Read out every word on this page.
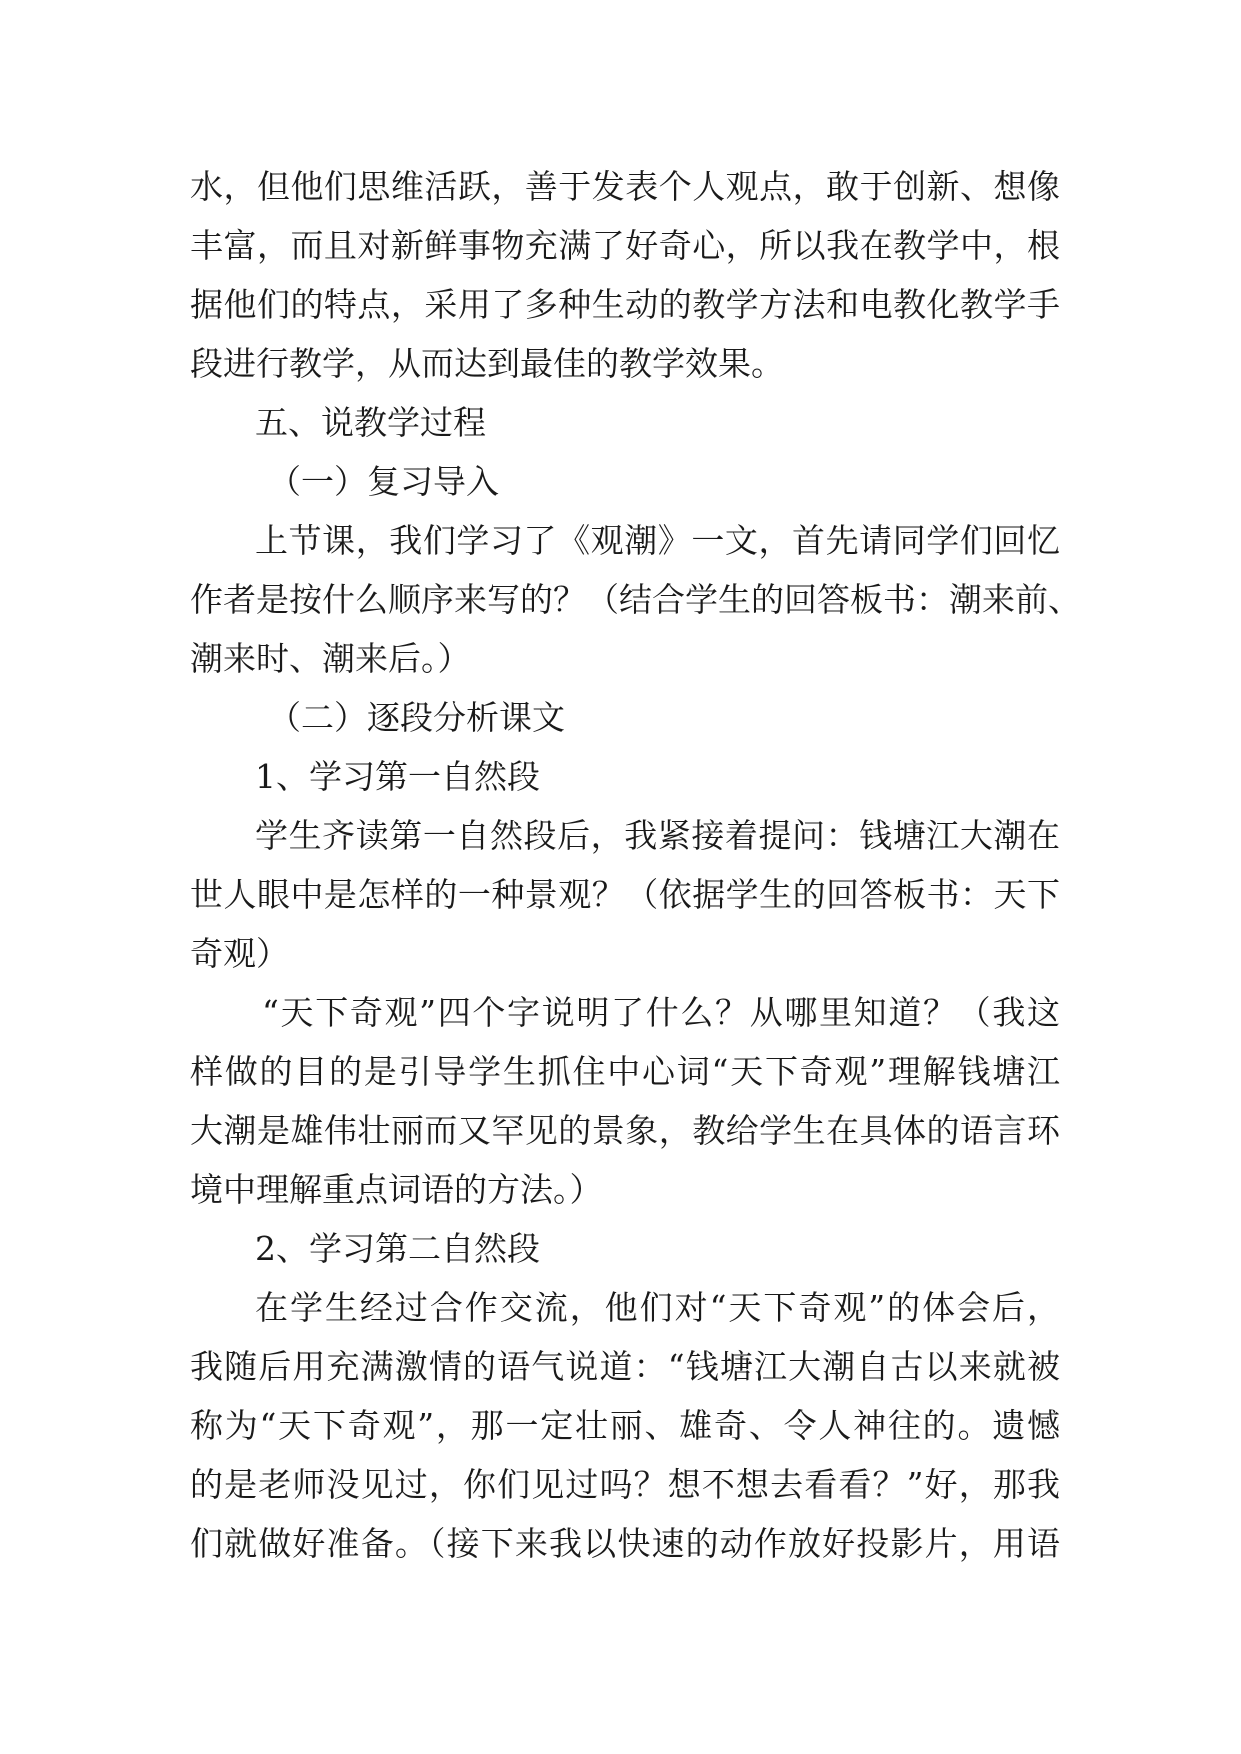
水，但他们思维活跃，善于发表个人观点，敢于创新、想像
丰富，而且对新鲜事物充满了好奇心，所以我在教学中，根
据他们的特点，采用了多种生动的教学方法和电教化教学手
段进行教学，从而达到最佳的教学效果。
五、说教学过程
（一）复习导入
上节课，我们学习了《观潮》一文，首先请同学们回忆
作者是按什么顺序来写的？（结合学生的回答板书：潮来前、
潮来时、潮来后。）
（二）逐段分析课文
1、学习第一自然段
学生齐读第一自然段后，我紧接着提问：钱塘江大潮在
世人眼中是怎样的一种景观？（依据学生的回答板书：天下
奇观）
“天下奇观”四个字说明了什么？从哪里知道？（我这
样做的目的是引导学生抓住中心词“天下奇观”理解钱塘江
大潮是雄伟壮丽而又罕见的景象，教给学生在具体的语言环
境中理解重点词语的方法。）
2、学习第二自然段
在学生经过合作交流，他们对“天下奇观”的体会后，
我随后用充满激情的语气说道：“钱塘江大潮自古以来就被
称为“天下奇观”，那一定壮丽、雄奇、令人神往的。遗憾
的是老师没见过，你们见过吗？想不想去看看？”好，那我
们就做好准备。（接下来我以快速的动作放好投影片，用语
